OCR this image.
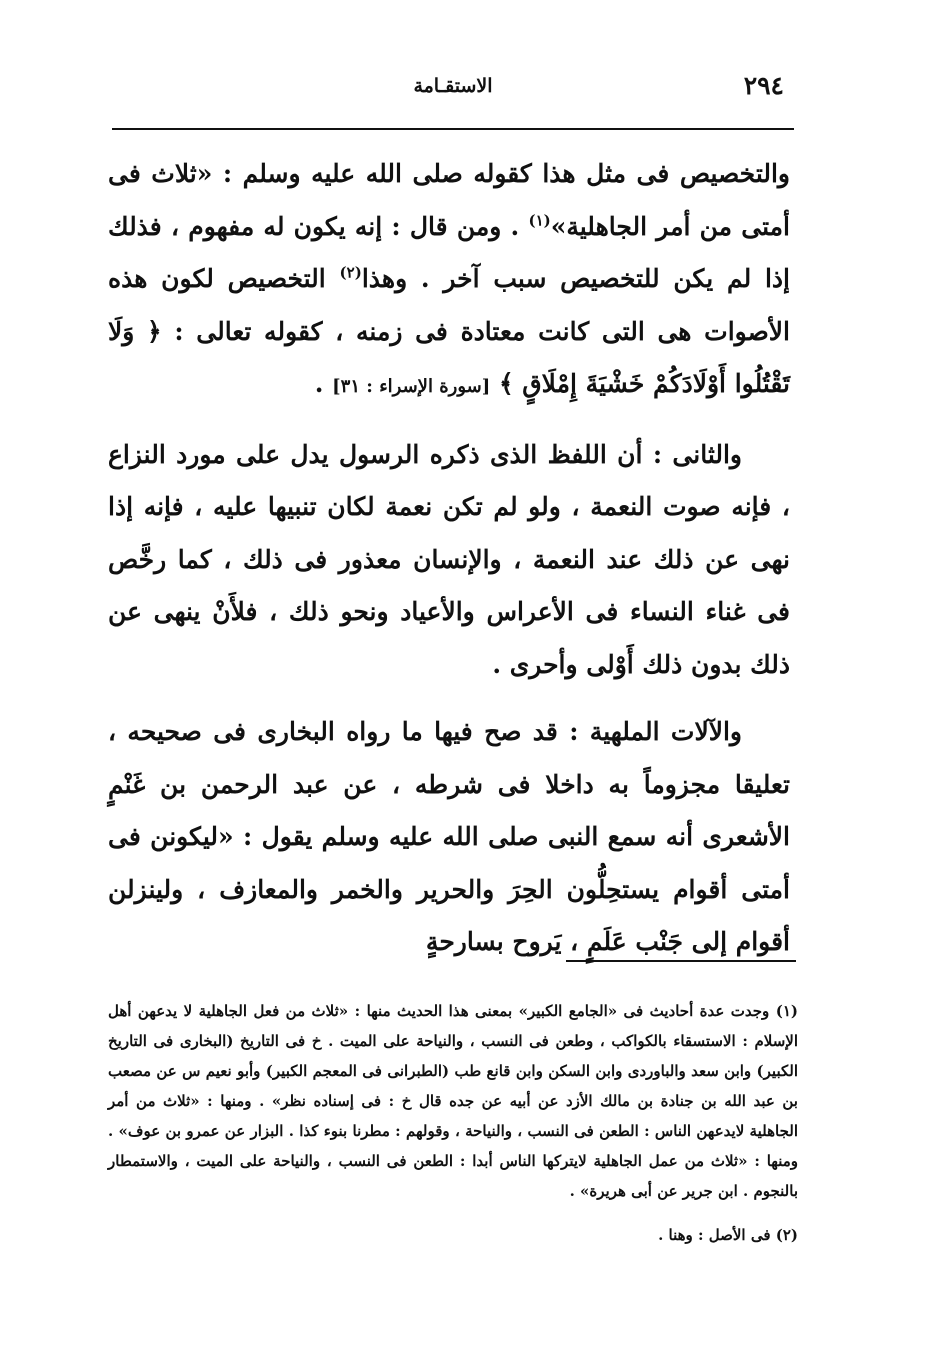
٢٩٤
الاستقـامة

والتخصيص فى مثل هذا كقوله صلى الله عليه وسلم : «ثلاث فى أمتى من أمر الجاهلية»$^{(١)}$ . ومن قال : إنه يكون له مفهوم ، فذلك إذا لم يكن للتخصيص سبب آخر . وهذا$^{(٢)}$ التخصيص لكون هذه الأصوات هى التى كانت معتادة فى زمنه ، كقوله تعالى : ﴿ وَلَا تَقْتُلُوا أَوْلَادَكُمْ خَشْيَةَ إِمْلَاقٍ ﴾ [سورة الإسراء : ٣١] .

والثانى : أن اللفظ الذى ذكره الرسول يدل على مورد النزاع ، فإنه صوت النعمة ، ولو لم تكن نعمة لكان تنبيها عليه ، فإنه إذا نهى عن ذلك عند النعمة ، والإنسان معذور فى ذلك ، كما رخَّص فى غناء النساء فى الأعراس والأعياد ونحو ذلك ، فلأَنْ ينهى عن ذلك بدون ذلك أَوْلى وأحرى .

والآلات الملهية : قد صح فيها ما رواه البخارى فى صحيحه ، تعليقا مجزوماً به داخلا فى شرطه ، عن عبد الرحمن بن غَنْمٍ الأشعرى أنه سمع النبى صلى الله عليه وسلم يقول : «ليكونن فى أمتى أقوام يستحِلُّون الحِرَ والحرير والخمر والمعازف ، ولينزلن أقوام إلى جَنْب عَلَمٍ ، يَروح بسارحةٍ

(١) وجدت عدة أحاديث فى «الجامع الكبير» بمعنى هذا الحديث منها : «ثلاث من فعل الجاهلية لا يدعهن أهل الإسلام : الاستسقاء بالكواكب ، وطعن فى النسب ، والنياحة على الميت . خ فى التاريخ (البخارى فى التاريخ الكبير) وابن سعد والباوردى وابن السكن وابن قانع طب (الطبرانى فى المعجم الكبير) وأبو نعيم س عن مصعب بن عبد الله بن جنادة بن مالك الأزد عن أبيه عن جده قال خ : فى إسناده نظر» . ومنها : «ثلاث من أمر الجاهلية لايدعهن الناس : الطعن فى النسب ، والنياحة ، وقولهم : مطرنا بنوء كذا . البزار عن عمرو بن عوف» . ومنها : «ثلاث من عمل الجاهلية لايتركها الناس أبدا : الطعن فى النسب ، والنياحة على الميت ، والاستمطار بالنجوم . ابن جرير عن أبى هريرة» .

(٢) فى الأصل : وهنا .
